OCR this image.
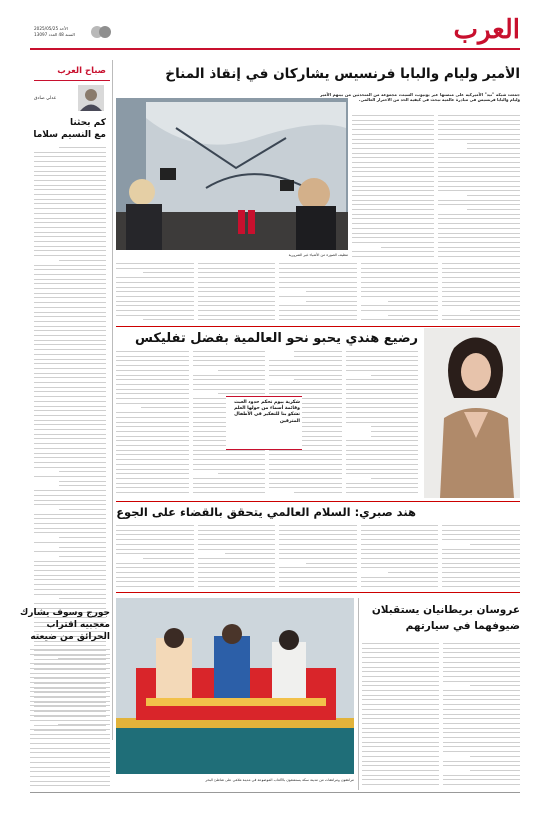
العرب
الأحد 2025/05/25
السنة 48 العدد 13097
صباح العرب
عدلي صادق
كم بحثنا
مع النسيم سلاما
الأمير وليام والبابا فرنسيس يشاركان في إنقاذ المناخ
جمعت شبكة "تيد" الأميركية على منصتها عبر يوتيوب، السبت، مجموعة من المتحدثين من بينهم الأمير وليام والبابا فرنسيس في مبادرة عالمية تبحث في كيفية الحد من الاحترار العالمي.
تنظيف الصورة من الأشياء غير الضرورية
رضيع هندي يحبو نحو العالمية بفضل تفليكس
شكرية بيوم تحكم حدود العبث وقائمة أسماء من حولها العلم تشكو بنا للتفكير في الأطفال المترقين
هند صبري: السلام العالمي يتحقق بالقضاء على الجوع
عروسان بريطانيان يستقبلان
ضيوفهما في سيارتهم
جورج وسوف يشارك
معجبيه اقتراب
الحرائق من ضيعته
مراهقون ومراهقات من مدينة سكة يستمتعون بالألعاب الموضوعة في مدينة ملاهي على شاطئ البحر
